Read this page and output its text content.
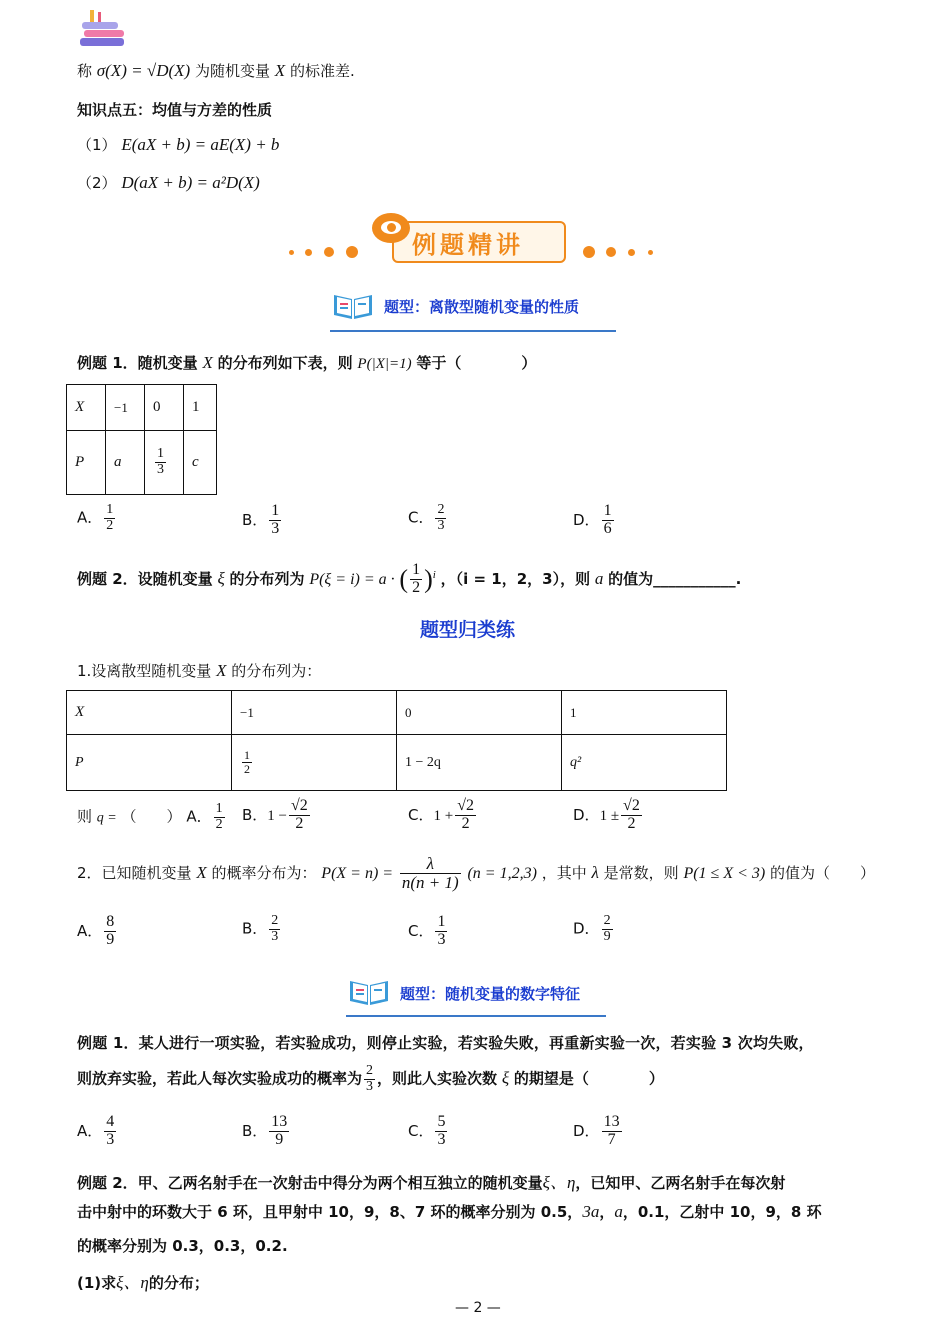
称 σ(X) = √D(X) 为随机变量 X 的标准差.
知识点五：均值与方差的性质
（1） E(aX + b) = aE(X) + b
（2） D(aX + b) = a²D(X)
例题精讲
题型：离散型随机变量的性质
例题 1．随机变量 X 的分布列如下表，则 P(|X|=1) 等于（　　　　）
X	−1	0	1
P	a	$\frac{1}{3}$	c
A． $\frac{1}{2}$	B． $\frac{1}{3}$	C． $\frac{2}{3}$	D． $\frac{1}{6}$
例题 2．设随机变量 ξ 的分布列为 P(ξ = i) = a · ( $\frac{1}{2} )^i$ ，（i = 1，2，3），则 a 的值为___________.
题型归类练
1.设离散型随机变量 X 的分布列为：
X	−1	0	1
P	$\frac{1}{2}$	1 − 2q	q²
则 q = （　　） A． $\frac{1}{2}$ B．$1 - \frac{√2}{2}$	C．$1 + \frac{√2}{2}$	D．$1 \pm \frac{√2}{2}$
2．已知随机变量 X 的概率分布为： $P(X = n) = \frac{\lambda}{n(n + 1)} (n = 1,2,3)$ ，其中 λ 是常数，则 P(1 ≤ X < 3) 的值为（　　）
A． $\frac{8}{9}$	B． $\frac{2}{3}$	C． $\frac{1}{3}$	D． $\frac{2}{9}$
题型：随机变量的数字特征
例题 1．某人进行一项实验，若实验成功，则停止实验，若实验失败，再重新实验一次，若实验 3 次均失败，
则放弃实验，若此人每次实验成功的概率为 $\frac{2}{3}$ ，则此人实验次数 ξ 的期望是（　　　　）
A． $\frac{4}{3}$	B． $\frac{13}{9}$	C． $\frac{5}{3}$	D． $\frac{13}{7}$
例题 2．甲、乙两名射手在一次射击中得分为两个相互独立的随机变量ξ、η，已知甲、乙两名射手在每次射
击中射中的环数大于 6 环，且甲射中 10，9，8、7 环的概率分别为 0.5，3a，a，0.1，乙射中 10，9，8 环
的概率分别为 0.3，0.3，0.2.
(1)求ξ、η的分布；
— 2 —
